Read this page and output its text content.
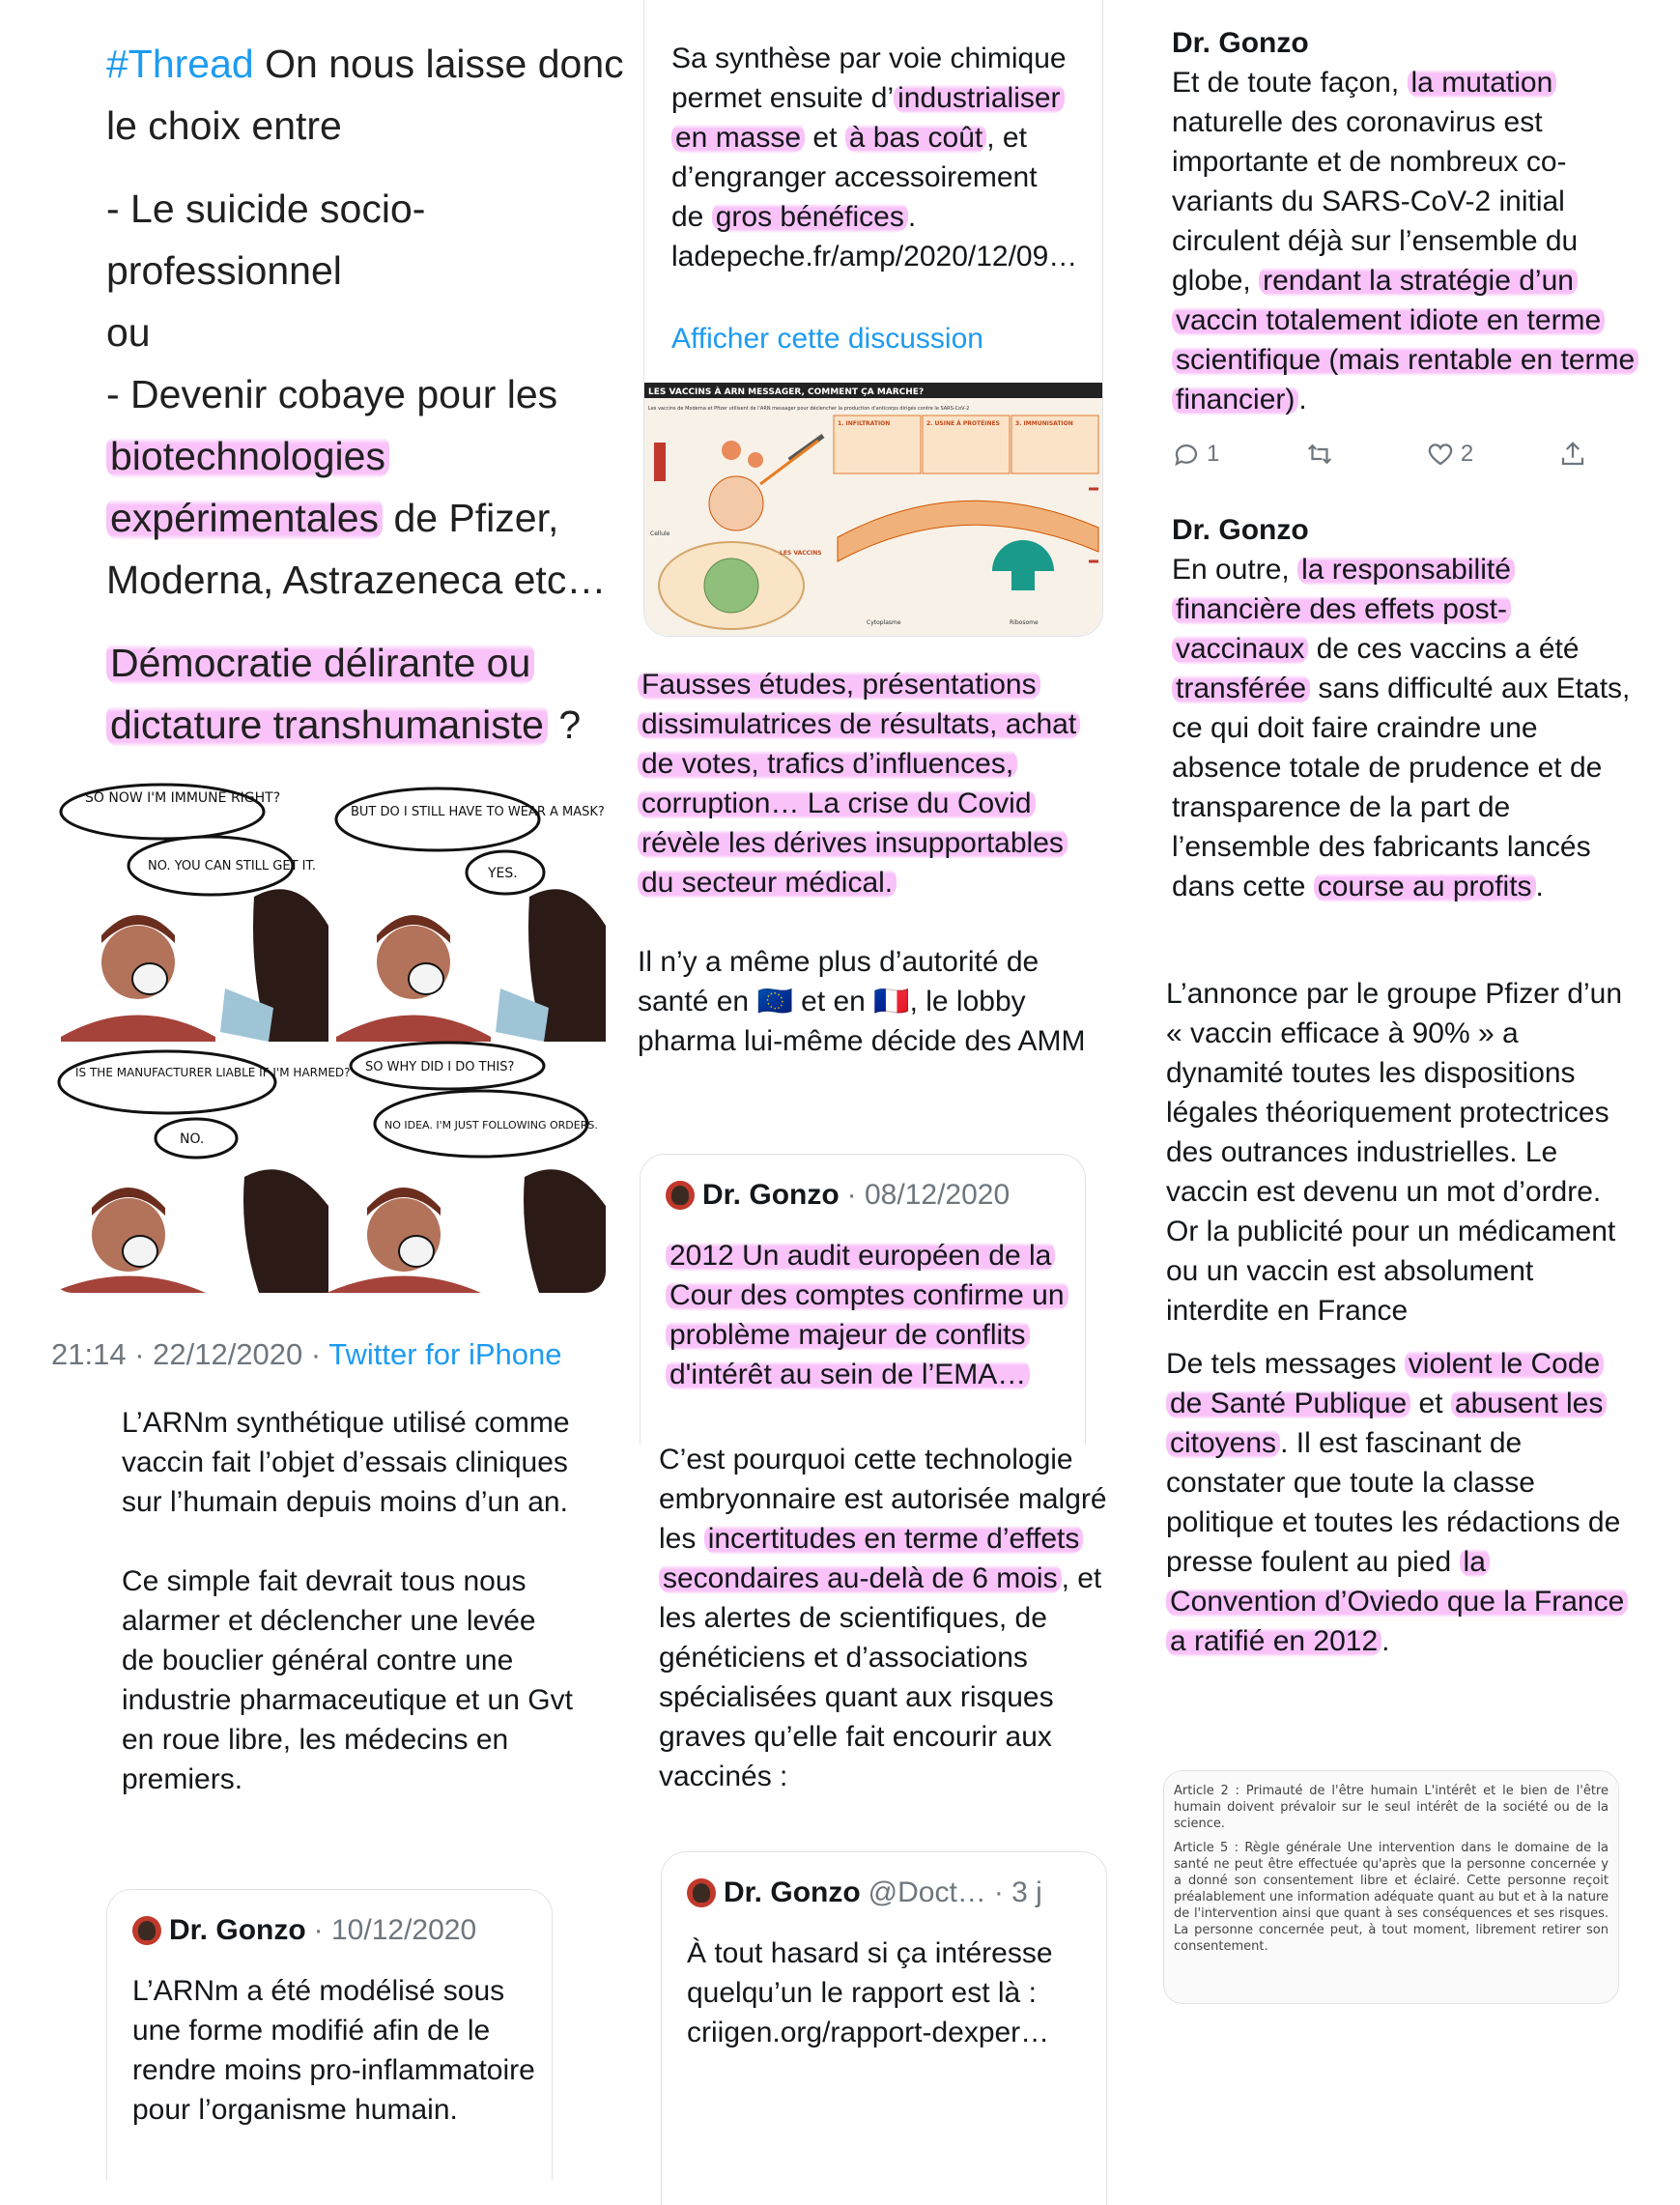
#Thread On nous laisse donc le choix entre

- Le suicide socio-professionnel

ou

- Devenir cobaye pour les biotechnologies expérimentales de Pfizer, Moderna, Astrazeneca etc…

Démocratie délirante ou dictature transhumaniste ?

SO NOW I'M IMMUNE RIGHT?
NO. YOU CAN STILL GET IT.
BUT DO I STILL HAVE TO WEAR A MASK?
YES.
IS THE MANUFACTURER LIABLE IF I'M HARMED?
NO.
SO WHY DID I DO THIS?
NO IDEA. I'M JUST FOLLOWING ORDERS.
21:14 · 22/12/2020 · Twitter for iPhone

L’ARNm synthétique utilisé comme vaccin fait l’objet d’essais cliniques sur l’humain depuis moins d’un an.

Ce simple fait devrait tous nous alarmer et déclencher une levée de bouclier général contre une industrie pharmaceutique et un Gvt en roue libre, les médecins en premiers.

Dr. Gonzo · 10/12/2020
L’ARNm a été modélisé sous une forme modifié afin de le rendre moins pro-inflammatoire pour l’organisme humain.
Sa synthèse par voie chimique permet ensuite d’ industrialiser en masse et à bas coût , et d’engranger accessoirement de gros bénéfices . ladepeche.fr/amp/2020/12/09…
Afficher cette discussion
LES VACCINS À ARN MESSAGER, COMMENT ÇA MARCHE?
Les vaccins de Moderna et Pfizer utilisent de l'ARN messager pour déclencher la production d'anticorps dirigés contre le SARS-CoV-2
1. INFILTRATION	2. USINE À PROTÉINES	3. IMMUNISATION
Cellule
LES VACCINS
Cytoplasme	Ribosome

Fausses études, présentations dissimulatrices de résultats, achat de votes, trafics d’influences, corruption… La crise du Covid révèle les dérives insupportables du secteur médical.

Il n’y a même plus d’autorité de santé en 🇪🇺 et en 🇫🇷, le lobby pharma lui-même décide des AMM

Dr. Gonzo · 08/12/2020
2012 Un audit européen de la Cour des comptes confirme un problème majeur de conflits d'intérêt au sein de l’EMA…
C’est pourquoi cette technologie embryonnaire est autorisée malgré les incertitudes en terme d’effets secondaires au-delà de 6 mois , et les alertes de scientifiques, de généticiens et d’associations spécialisées quant aux risques graves qu’elle fait encourir aux vaccinés :
Dr. Gonzo @Doct… · 3 j
À tout hasard si ça intéresse quelqu’un le rapport est là : criigen.org/rapport-dexper…
Dr. Gonzo
Et de toute façon, la mutation naturelle des coronavirus est importante et de nombreux co-variants du SARS-CoV-2 initial circulent déjà sur l’ensemble du globe, rendant la stratégie d’un vaccin totalement idiote en terme scientifique (mais rentable en terme financier) .
1	2
Dr. Gonzo
En outre, la responsabilité financière des effets post-vaccinaux de ces vaccins a été transférée sans difficulté aux Etats, ce qui doit faire craindre une absence totale de prudence et de transparence de la part de l’ensemble des fabricants lancés dans cette course au profits .

L’annonce par le groupe Pfizer d’un « vaccin efficace à 90% » a dynamité toutes les dispositions légales théoriquement protectrices des outrances industrielles. Le vaccin est devenu un mot d’ordre. Or la publicité pour un médicament ou un vaccin est absolument interdite en France

De tels messages violent le Code de Santé Publique et abusent les citoyens . Il est fascinant de constater que toute la classe politique et toutes les rédactions de presse foulent au pied la Convention d’Oviedo que la France a ratifié en 2012 .

Article 2 : Primauté de l'être humain L'intérêt et le bien de l'être humain doivent prévaloir sur le seul intérêt de la société ou de la science.

Article 5 : Règle générale Une intervention dans le domaine de la santé ne peut être effectuée qu'après que la personne concernée y a donné son consentement libre et éclairé. Cette personne reçoit préalablement une information adéquate quant au but et à la nature de l'intervention ainsi que quant à ses conséquences et ses risques. La personne concernée peut, à tout moment, librement retirer son consentement.
